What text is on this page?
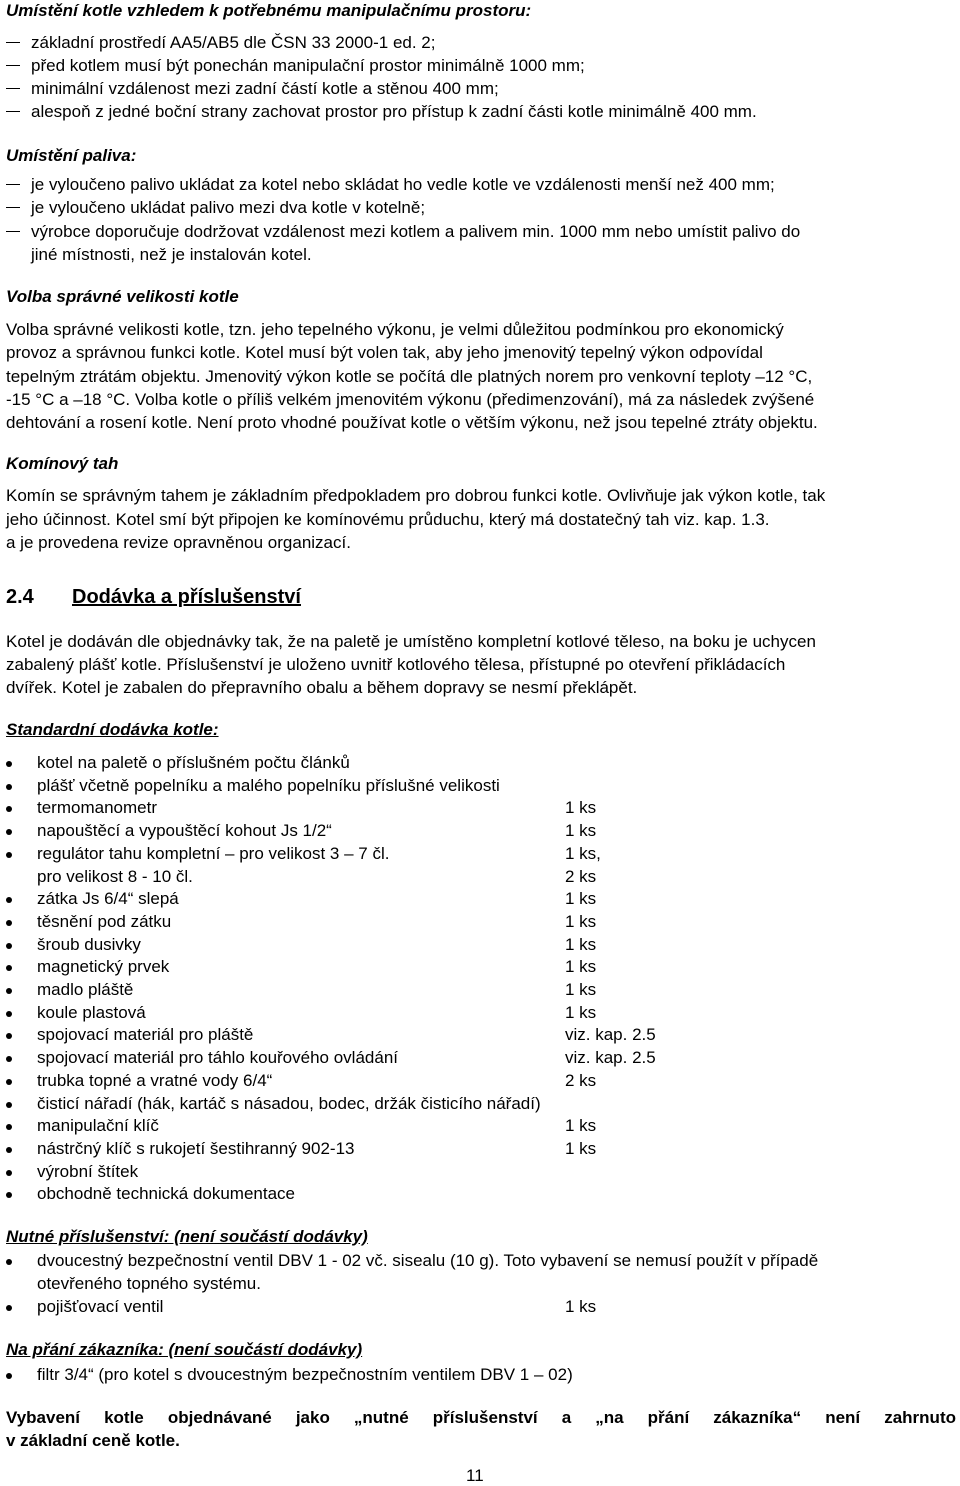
Umístění kotle vzhledem k potřebnému manipulačnímu prostoru:
základní prostředí AA5/AB5 dle ČSN 33 2000-1 ed. 2;
před kotlem musí být ponechán manipulační prostor minimálně 1000 mm;
minimální vzdálenost mezi zadní částí kotle a stěnou 400 mm;
alespoň z jedné boční strany zachovat prostor pro přístup k zadní části kotle minimálně 400 mm.
Umístění paliva:
je vyloučeno palivo ukládat za kotel nebo skládat ho vedle kotle ve vzdálenosti menší než 400 mm;
je vyloučeno ukládat palivo mezi dva kotle v kotelně;
výrobce doporučuje dodržovat vzdálenost mezi kotlem a palivem min. 1000 mm nebo umístit palivo do
jiné místnosti, než je instalován kotel.
Volba správné velikosti kotle
Volba správné velikosti kotle, tzn. jeho tepelného výkonu, je velmi důležitou podmínkou pro ekonomický
provoz a správnou funkci kotle. Kotel musí být volen tak, aby jeho jmenovitý tepelný výkon odpovídal
tepelným ztrátám objektu. Jmenovitý výkon kotle se počítá dle platných norem pro venkovní teploty –12 °C,
-15 °C a –18 °C. Volba kotle o příliš velkém jmenovitém výkonu (předimenzování), má za následek zvýšené
dehtování a rosení kotle. Není proto vhodné používat kotle o větším výkonu, než jsou tepelné ztráty objektu.
Komínový tah
Komín se správným tahem je základním předpokladem pro dobrou funkci kotle. Ovlivňuje jak výkon kotle, tak
jeho účinnost. Kotel smí být připojen ke komínovému průduchu, který má dostatečný tah viz. kap. 1.3.
a je provedena revize opravněnou organizací.
2.4 Dodávka a příslušenství
Kotel je dodáván dle objednávky tak, že na paletě je umístěno kompletní kotlové těleso, na boku je uchycen
zabalený plášť kotle. Příslušenství je uloženo uvnitř kotlového tělesa, přístupné po otevření přikládacích
dvířek. Kotel je zabalen do přepravního obalu a během dopravy se nesmí překlápět.
Standardní dodávka kotle:
kotel na paletě o příslušném počtu článků
plášť včetně popelníku a malého popelníku příslušné velikosti
termomanometr	1 ks
napouštěcí a vypouštěcí kohout Js 1/2“	1 ks
regulátor tahu kompletní – pro velikost 3 – 7 čl.	1 ks,
pro velikost 8 - 10 čl.	2 ks
zátka Js 6/4“ slepá	1 ks
těsnění pod zátku	1 ks
šroub dusivky	1 ks
magnetický prvek	1 ks
madlo pláště	1 ks
koule plastová	1 ks
spojovací materiál pro pláště	viz. kap. 2.5
spojovací materiál pro táhlo kouřového ovládání	viz. kap. 2.5
trubka topné a vratné vody 6/4“	2 ks
čisticí nářadí (hák, kartáč s násadou, bodec, držák čisticího nářadí)
manipulační klíč	1 ks
nástrčný klíč s rukojetí šestihranný 902-13	1 ks
výrobní štítek
obchodně technická dokumentace
Nutné příslušenství: (není součástí dodávky)
dvoucestný bezpečnostní ventil DBV 1 - 02 vč. sisealu (10 g). Toto vybavení se nemusí použít v případě
otevřeného topného systému.
pojišťovací ventil	1 ks
Na přání zákazníka: (není součástí dodávky)
filtr 3/4“ (pro kotel s dvoucestným bezpečnostním ventilem DBV 1 – 02)
Vybavení kotle objednávané jako „nutné příslušenství a „na přání zákazníka“ není zahrnuto
v základní ceně kotle.
11
